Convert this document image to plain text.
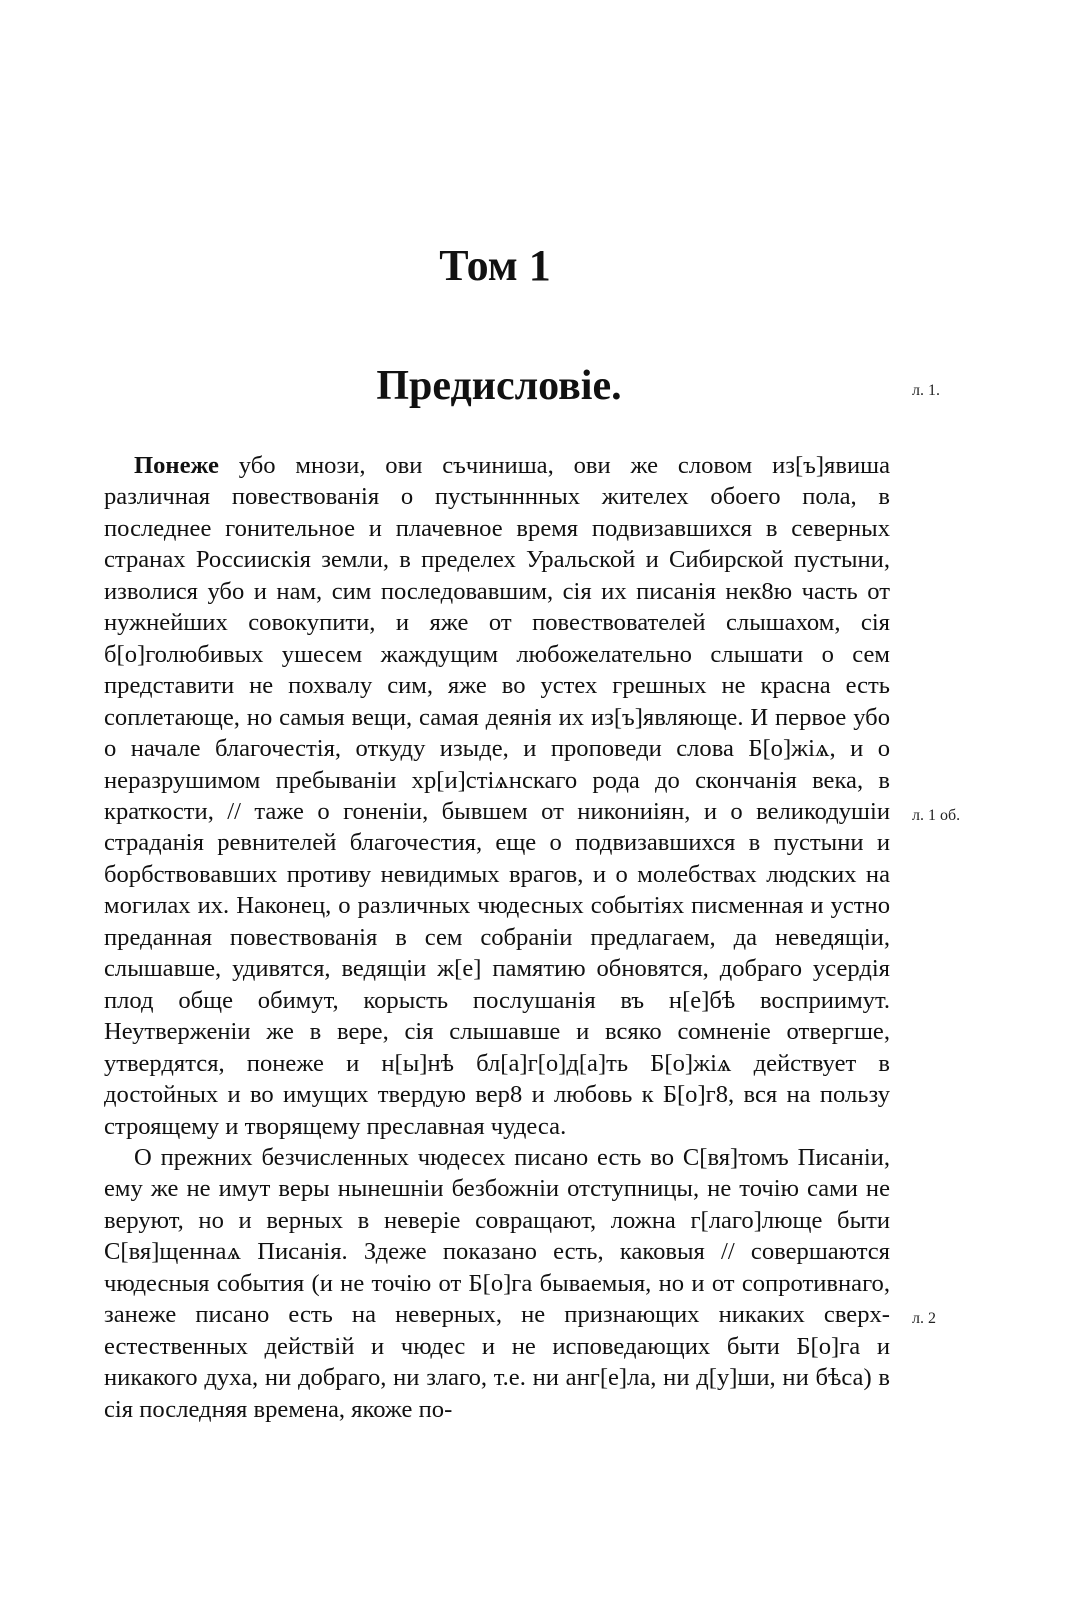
Том 1
Предисловiе.	л. 1.
л. 1 об.
л. 2

Понеже убо мнози, ови съчиниша, ови же словом из[ъ]явиша различная повествованiя о пустынннных жителех обоего пола, в последнее гонительное и плачевное время подвизавшихся в северных странах Россиискiя земли, в пределех Уральской и Сибирской пустыни, изволися убо и нам, сим последовавшим, сiя их писанiя нек8ю часть от нужнейших совокупити, и яже от повествователей слышахом, сiя б[о]голюбивых ушесем жаждущим любожелательно слышати о сем представити не похвалу сим, яже во устех грешных не красна есть соплетающе, но самыя вещи, самая деянiя их из[ъ]являюще. И первое убо о начале благочестiя, откуду изыде, и проповеди слова Б[о]жiѧ, и о неразрушимом пребыванiи хр[и]стiѧнскаго рода до скончанiя века, в краткости, // таже о гоненiи, бывшем от никониiян, и о великодушiи страданiя ревнителей благочестия, еще о подвизавшихся в пустыни и борбствовавших противу невидимых врагов, и о молебствах людских на могилах их. Наконец, о различных чюдесных событiях писменная и устно преданная повествованiя в сем собранiи предлагаем, да неведящiи, слышавше, удивятся, ведящiи ж[е] памятию обновятся, добраго усердiя плод обще обимут, корысть послушанiя въ н[е]бѣ восприимут. Неутверженiи же в вере, сiя слышавше и всяко сомненiе отвергше, утвердятся, понеже и н[ы]нѣ бл[а]г[о]д[а]ть Б[о]жiѧ действует в достойных и во имущих твердую вер8 и любовь к Б[о]г8, вся на пользу строящему и творящему преславная чудеса.

О прежних безчисленных чюдесех писано есть во С[вя]томъ Писанiи, ему же не имут веры нынешнiи безбожнiи отступницы, не точiю сами не веруют, но и верных в неверiе совращают, ложна г[лаго]люще быти С[вя]щеннаѧ Писанiя. Здеже показано есть, каковыя // совершаются чюдесныя события (и не точiю от Б[о]га бываемыя, но и от сопротивнаго, занеже писано есть на неверных, не признающих никаких сверх-естественных действiй и чюдес и не исповедающих быти Б[о]га и никакого духа, ни добраго, ни злаго, т.е. ни анг[е]ла, ни д[у]ши, ни бѣса) в сiя последняя времена, якоже по-
